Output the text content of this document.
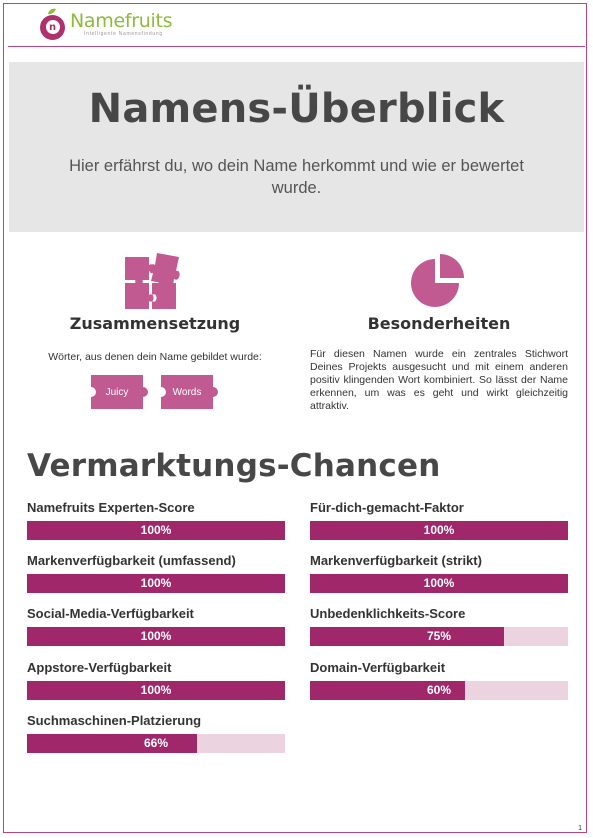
n Namefruits
Intelligente Namensfindung
Namens-Überblick

Hier erfährst du, wo dein Name herkommt und wie er bewertet wurde.

Zusammensetzung
Wörter, aus denen dein Name gebildet wurde:
Juicy	Words
Besonderheiten
Für diesen Namen wurde ein zentrales Stichwort Deines Projekts ausgesucht und mit einem anderen positiv klingenden Wort kombiniert. So lässt der Name erkennen, um was es geht und wirkt gleichzeitig attraktiv.
Vermarktungs-Chancen
Namefruits Experten-Score
100%
Für-dich-gemacht-Faktor
100%
Markenverfügbarkeit (umfassend)
100%
Markenverfügbarkeit (strikt)
100%
Social-Media-Verfügbarkeit
100%
Unbedenklichkeits-Score
75%
Appstore-Verfügbarkeit
100%
Domain-Verfügbarkeit
60%
Suchmaschinen-Platzierung
66%
1
